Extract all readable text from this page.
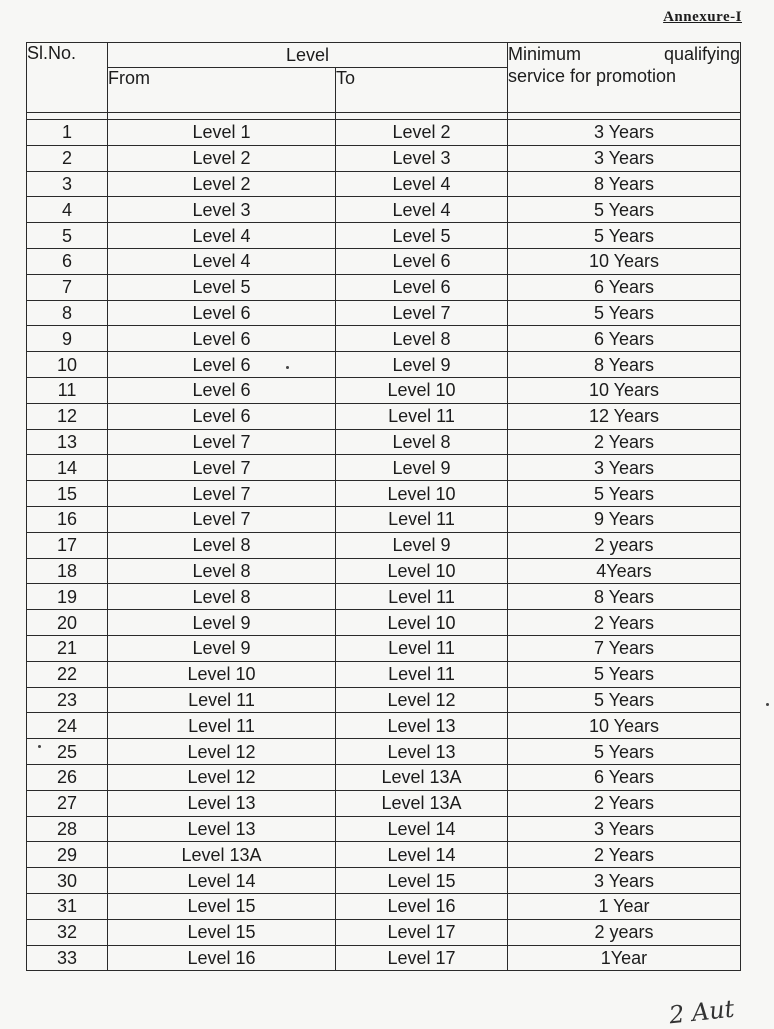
Annexure-I
Sl.No.	Level		Minimum qualifying
service for promotion

	From	To	

1	Level 1	Level 2	3 Years
2	Level 2	Level 3	3 Years
3	Level 2	Level 4	8 Years
4	Level 3	Level 4	5 Years
5	Level 4	Level 5	5 Years
6	Level 4	Level 6	10 Years
7	Level 5	Level 6	6 Years
8	Level 6	Level 7	5 Years
9	Level 6	Level 8	6 Years
10	Level 6	Level 9	8 Years
11	Level 6	Level 10	10 Years
12	Level 6	Level 11	12 Years
13	Level 7	Level 8	2 Years
14	Level 7	Level 9	3 Years
15	Level 7	Level 10	5 Years
16	Level 7	Level 11	9 Years
17	Level 8	Level 9	2 years
18	Level 8	Level 10	4Years
19	Level 8	Level 11	8 Years
20	Level 9	Level 10	2 Years
21	Level 9	Level 11	7 Years
22	Level 10	Level 11	5 Years
23	Level 11	Level 12	5 Years
24	Level 11	Level 13	10 Years
25	Level 12	Level 13	5 Years
26	Level 12	Level 13A	6 Years
27	Level 13	Level 13A	2 Years
28	Level 13	Level 14	3 Years
29	Level 13A	Level 14	2 Years
30	Level 14	Level 15	3 Years
31	Level 15	Level 16	1 Year
32	Level 15	Level 17	2 years
33	Level 16	Level 17	1Year
2 Aut
